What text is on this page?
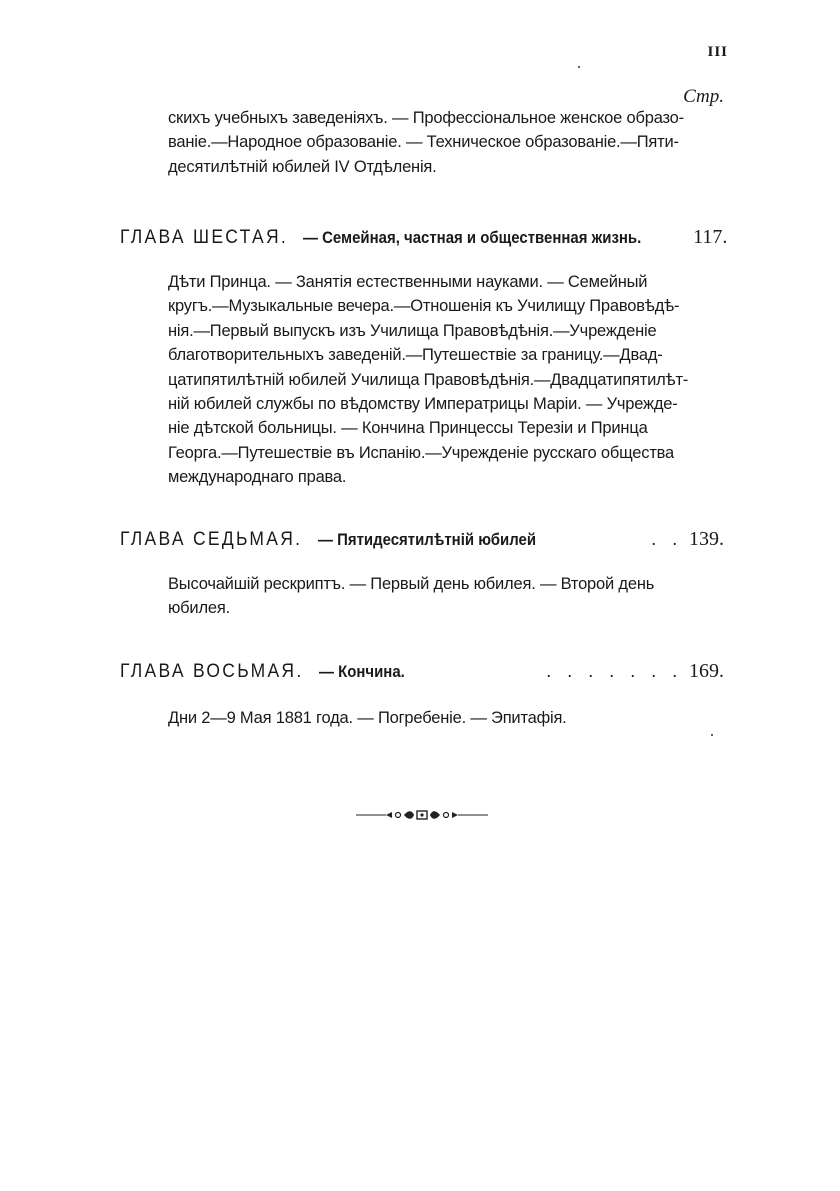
III
Стр.
скихъ учебныхъ заведенiяхъ. — Профессiональное женское образо-
ванiе.—Народное образованiе. — Техническое образованiе.—Пяти-
десятилѣтнiй юбилей IV Отдѣленiя.
ГЛАВА ШЕСТАЯ. — Семейная, частная и общественная жизнь.	117.
Дѣти Принца. — Занятiя естественными науками. — Семейный
кругъ.—Музыкальные вечера.—Отношенiя къ Училищу Правовѣдѣ-
нiя.—Первый выпускъ изъ Училища Правовѣдѣнiя.—Учрежденiе
благотворительныхъ заведенiй.—Путешествiе за границу.—Двад-
цатипятилѣтнiй юбилей Училища Правовѣдѣнiя.—Двадцатипятилѣт-
нiй юбилей службы по вѣдомству Императрицы Марiи. — Учрежде-
нiе дѣтской больницы. — Кончина Принцессы Терезiи и Принца
Георга.—Путешествiе въ Испанiю.—Учрежденiе русскаго общества
международнаго права.
ГЛАВА СЕДЬМАЯ. — Пятидесятилѣтнiй юбилей	. . 139.
Высочайшiй рескриптъ. — Первый день юбилея. — Второй день
юбилея.
ГЛАВА ВОСЬМАЯ. — Кончина.	. . . . . . . 169.
Дни 2—9 Мая 1881 года. — Погребенiе. — Эпитафiя.
